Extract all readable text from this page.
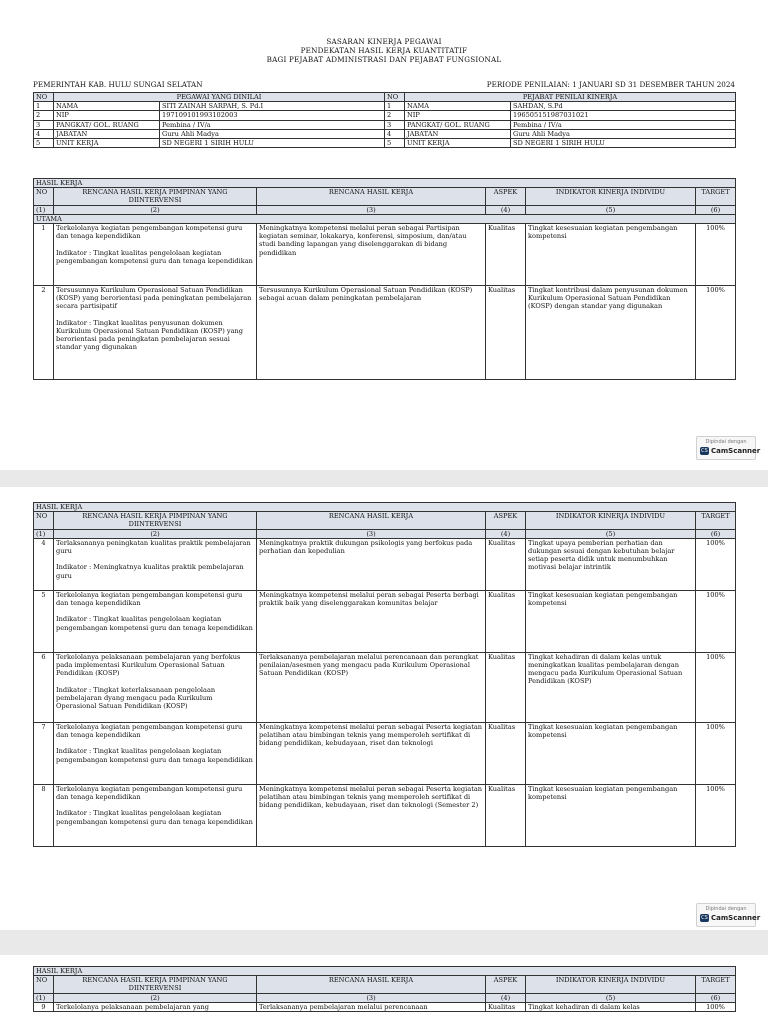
SASARAN KINERJA PEGAWAI
PENDEKATAN HASIL KERJA KUANTITATIF
BAGI PEJABAT ADMINISTRASI DAN PEJABAT FUNGSIONAL
PEMERINTAH KAB. HULU SUNGAI SELATAN	PERIODE PENILAIAN: 1 JANUARI SD 31 DESEMBER TAHUN 2024
NO	PEGAWAI YANG DINILAI		NO	PEJABAT PENILAI KINERJA	
1	NAMA	SITI ZAINAH SARPAH, S. Pd.I	1	NAMA	SAHDAN, S.Pd
2	NIP	197109101993102003	2	NIP	196505151987031021
3	PANGKAT/ GOL. RUANG	Pembina / IV/a	3	PANGKAT/ GOL. RUANG	Pembina / IV/a
4	JABATAN	Guru Ahli Madya	4	JABATAN	Guru Ahli Madya
5	UNIT KERJA	SD NEGERI 1 SIRIH HULU	5	UNIT KERJA	SD NEGERI 1 SIRIH HULU
HASIL KERJA					
NO	RENCANA HASIL KERJA PIMPINAN YANG DIINTERVENSI	RENCANA HASIL KERJA	ASPEK	INDIKATOR KINERJA INDIVIDU	TARGET
(1)	(2)	(3)	(4)	(5)	(6)
UTAMA					
1	Terkelolanya kegiatan pengembangan kompetensi guru dan tenaga kependidikan

Indikator : Tingkat kualitas pengelolaan kegiatan pengembangan kompetensi guru dan tenaga kependidikan	Meningkatnya kompetensi melalui peran sebagai Partisipan kegiatan seminar, lokakarya, konferensi, simposium, dan/atau studi banding lapangan yang diselenggarakan di bidang pendidikan	Kualitas	Tingkat kesesuaian kegiatan pengembangan kompetensi	100%
2	Tersusunnya Kurikulum Operasional Satuan Pendidikan (KOSP) yang berorientasi pada peningkatan pembelajaran secara partisipatif

Indikator : Tingkat kualitas penyusunan dokumen Kurikulum Operasional Satuan Pendidikan (KOSP) yang berorientasi pada peningkatan pembelajaran sesuai standar yang digunakan	Tersusunnya Kurikulum Operasional Satuan Pendidikan (KOSP) sebagai acuan dalam peningkatan pembelajaran	Kualitas	Tingkat kontribusi dalam penyusunan dokumen Kurikulum Operasional Satuan Pendidikan (KOSP) dengan standar yang digunakan	100%
Dipindai dengan
CS CamScanner
HASIL KERJA					
NO	RENCANA HASIL KERJA PIMPINAN YANG DIINTERVENSI	RENCANA HASIL KERJA	ASPEK	INDIKATOR KINERJA INDIVIDU	TARGET
(1)	(2)	(3)	(4)	(5)	(6)
4	Terlaksananya peningkatan kualitas praktik pembelajaran guru

Indikator : Meningkatnya kualitas praktik pembelajaran guru	Meningkatnya praktik dukungan psikologis yang berfokus pada perhatian dan kepedulian	Kualitas	Tingkat upaya pemberian perhatian dan dukungan sesuai dengan kebutuhan belajar setiap peserta didik untuk menumbuhkan motivasi belajar intrintik	100%
5	Terkelolanya kegiatan pengembangan kompetensi guru dan tenaga kependidikan

Indikator : Tingkat kualitas pengelolaan kegiatan pengembangan kompetensi guru dan tenaga kependidikan	Meningkatnya kompetensi melalui peran sebagai Peserta berbagi praktik baik yang diselenggarakan komunitas belajar	Kualitas	Tingkat kesesuaian kegiatan pengembangan kompetensi	100%
6	Terkelolanya pelaksanaan pembelajaran yang berfokus pada implementasi Kurikulum Operasional Satuan Pendidikan (KOSP)

Indikator : Tingkat keterlaksanaan pengelolaan pembelajaran dyang mengacu pada Kurikulum Operasional Satuan Pendidikan (KOSP)	Terlaksananya pembelajaran melalui perencanaan dan perangkat penilaian/asesmen yang mengacu pada Kurikulum Operasional Satuan Pendidikan (KOSP)	Kualitas	Tingkat kehadiran di dalam kelas untuk meningkatkan kualitas pembelajaran dengan mengacu pada Kurikulum Operasional Satuan Pendidikan (KOSP)	100%
7	Terkelolanya kegiatan pengembangan kompetensi guru dan tenaga kependidikan

Indikator : Tingkat kualitas pengelolaan kegiatan pengembangan kompetensi guru dan tenaga kependidikan	Meningkatnya kompetensi melalui peran sebagai Peserta kegiatan pelatihan atau bimbingan teknis yang memperoleh sertifikat di bidang pendidikan, kebudayaan, riset dan teknologi	Kualitas	Tingkat kesesuaian kegiatan pengembangan kompetensi	100%
8	Terkelolanya kegiatan pengembangan kompetensi guru dan tenaga kependidikan

Indikator : Tingkat kualitas pengelolaan kegiatan pengembangan kompetensi guru dan tenaga kependidikan	Meningkatnya kompetensi melalui peran sebagai Peserta kegiatan pelatihan atau bimbingan teknis yang memperoleh sertifikat di bidang pendidikan, kebudayaan, riset dan teknologi (Semester 2)	Kualitas	Tingkat kesesuaian kegiatan pengembangan kompetensi	100%
Dipindai dengan
CS CamScanner
HASIL KERJA					
NO	RENCANA HASIL KERJA PIMPINAN YANG DIINTERVENSI	RENCANA HASIL KERJA	ASPEK	INDIKATOR KINERJA INDIVIDU	TARGET
(1)	(2)	(3)	(4)	(5)	(6)
9	Terkelolanya pelaksanaan pembelajaran yang	Terlaksananya pembelajaran melalui perencanaan	Kualitas	Tingkat kehadiran di dalam kelas	100%
